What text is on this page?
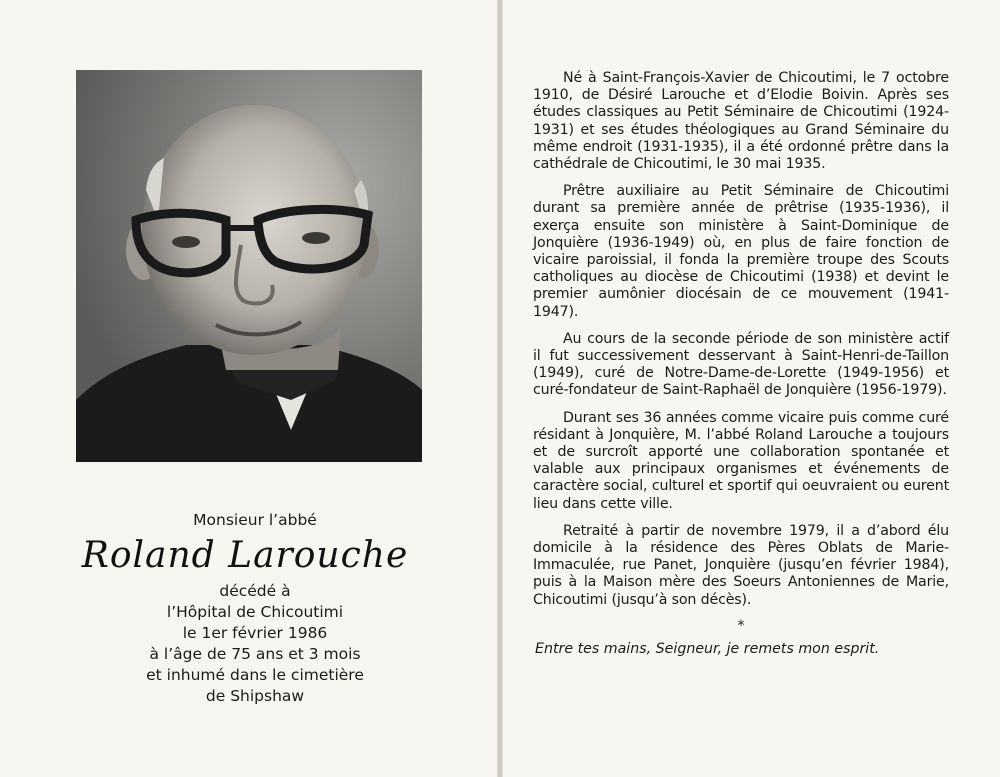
Monsieur l’abbé
Roland Larouche
décédé à
l’Hôpital de Chicoutimi
le 1er février 1986
à l’âge de 75 ans et 3 mois
et inhumé dans le cimetière
de Shipshaw

Né à Saint-François-Xavier de Chicoutimi, le 7 octobre 1910, de Désiré Larouche et d’Elodie Boivin. Après ses études classiques au Petit Séminaire de Chicoutimi (1924-1931) et ses études théologiques au Grand Séminaire du même endroit (1931-1935), il a été ordonné prêtre dans la cathédrale de Chicoutimi, le 30 mai 1935.

Prêtre auxiliaire au Petit Séminaire de Chicoutimi durant sa première année de prêtrise (1935-1936), il exerça ensuite son ministère à Saint-Dominique de Jonquière (1936-1949) où, en plus de faire fonction de vicaire paroissial, il fonda la première troupe des Scouts catholiques au diocèse de Chicoutimi (1938) et devint le premier aumônier diocésain de ce mouvement (1941-1947).

Au cours de la seconde période de son ministère actif il fut successivement desservant à Saint-Henri-de-Taillon (1949), curé de Notre-Dame-de-Lorette (1949-1956) et curé-fondateur de Saint-Raphaël de Jonquière (1956-1979).

Durant ses 36 années comme vicaire puis comme curé résidant à Jonquière, M. l’abbé Roland Larouche a toujours et de surcroît apporté une collaboration spontanée et valable aux principaux organismes et événements de caractère social, culturel et sportif qui oeuvraient ou eurent lieu dans cette ville.

Retraité à partir de novembre 1979, il a d’abord élu domicile à la résidence des Pères Oblats de Marie-Immaculée, rue Panet, Jonquière (jusqu’en février 1984), puis à la Maison mère des Soeurs Antoniennes de Marie, Chicoutimi (jusqu’à son décès).

*

Entre tes mains, Seigneur, je remets mon esprit.
